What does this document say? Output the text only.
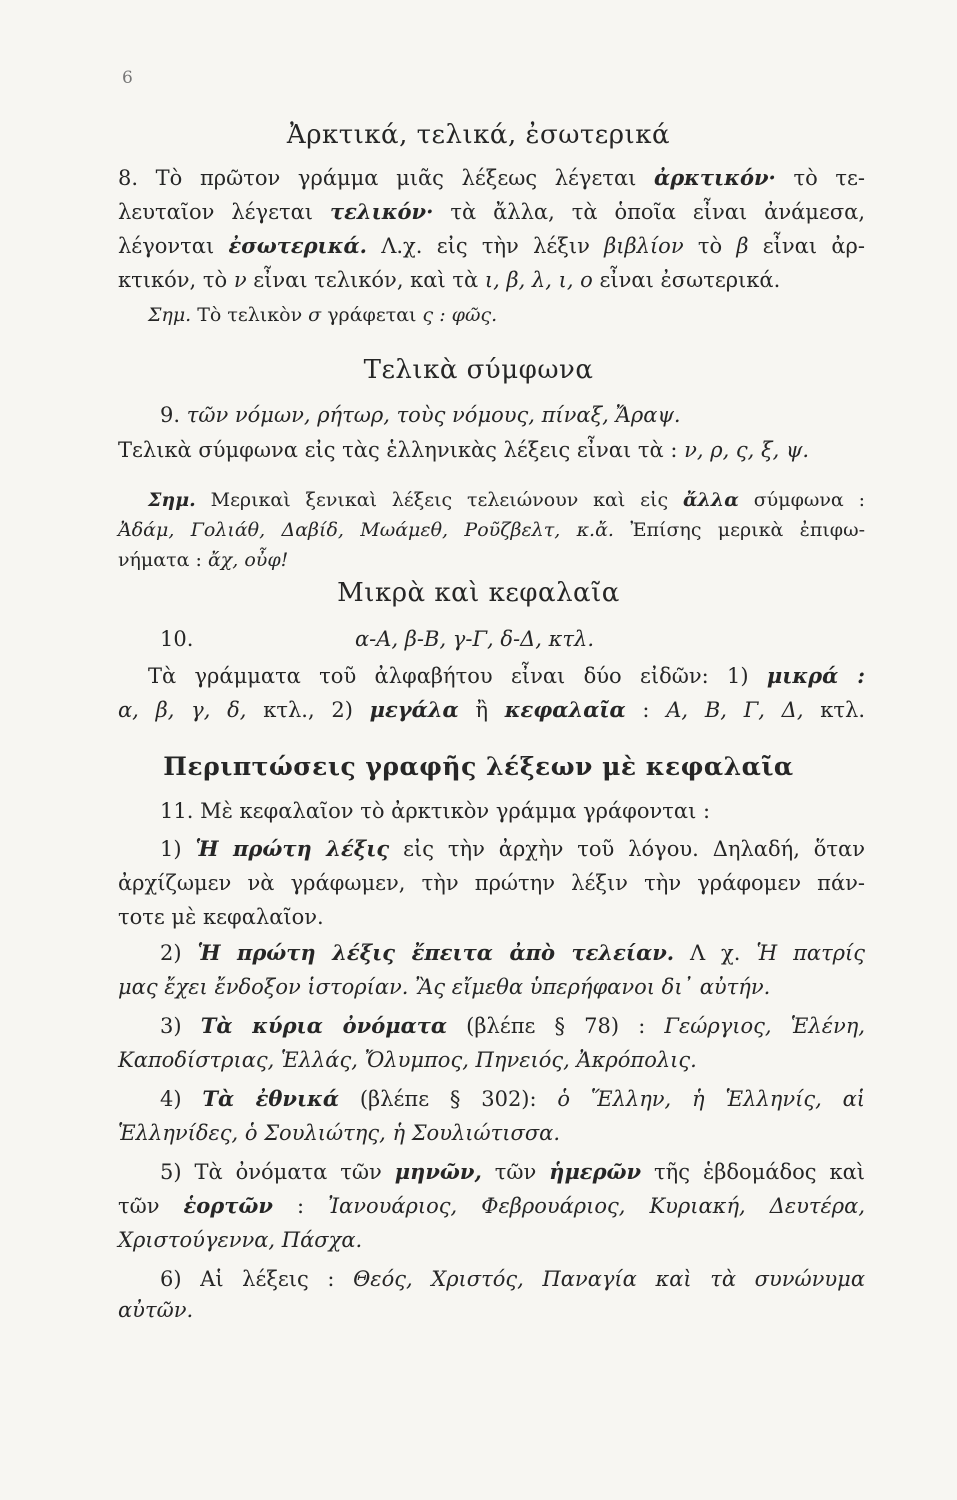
6
Ἀρκτικά, τελικά, ἐσωτερικά
8. Τὸ πρῶτον γράμμα μιᾶς λέξεως λέγεται ἀρκτικόν· τὸ τε-
λευταῖον λέγεται τελικόν· τὰ ἄλλα, τὰ ὁποῖα εἶναι ἀνάμεσα,
λέγονται ἐσωτερικά. Λ.χ. εἰς τὴν λέξιν βιβλίον τὸ β εἶναι ἀρ-
κτικόν, τὸ ν εἶναι τελικόν, καὶ τὰ ι, β, λ, ι, ο εἶναι ἐσωτερικά.
Σημ. Τὸ τελικὸν σ γράφεται ς : φῶς.
Τελικὰ σύμφωνα
9. τῶν νόμων, ρήτωρ, τοὺς νόμους, πίναξ, Ἄραψ.
Τελικὰ σύμφωνα εἰς τὰς ἑλληνικὰς λέξεις εἶναι τὰ : ν, ρ, ς, ξ, ψ.
Σημ. Μερικαὶ ξενικαὶ λέξεις τελειώνουν καὶ εἰς ἄλλα σύμφωνα :
Ἀδάμ, Γολιάθ, Δαβίδ, Μωάμεθ, Ροῦζβελτ, κ.ἄ. Ἐπίσης μερικὰ ἐπιφω-
νήματα : ἄχ, οὖφ!
Μικρὰ καὶ κεφαλαῖα
10.	α-Α, β-Β, γ-Γ, δ-Δ, κτλ.
Τὰ γράμματα τοῦ ἀλφαβήτου εἶναι δύο εἰδῶν: 1) μικρά :
α, β, γ, δ, κτλ., 2) μεγάλα ἢ κεφαλαῖα : Α, Β, Γ, Δ, κτλ.
Περιπτώσεις γραφῆς λέξεων μὲ κεφαλαῖα
11. Μὲ κεφαλαῖον τὸ ἀρκτικὸν γράμμα γράφονται :
1) Ἡ πρώτη λέξις εἰς τὴν ἀρχὴν τοῦ λόγου. Δηλαδή, ὅταν
ἀρχίζωμεν νὰ γράφωμεν, τὴν πρώτην λέξιν τὴν γράφομεν πάν-
τοτε μὲ κεφαλαῖον.
2) Ἡ πρώτη λέξις ἔπειτα ἀπὸ τελείαν. Λ χ. Ἡ πατρίς
μας ἔχει ἔνδοξον ἱστορίαν. Ἂς εἴμεθα ὑπερήφανοι δι᾽ αὐτήν.
3) Τὰ κύρια ὀνόματα (βλέπε § 78) : Γεώργιος, Ἑλένη,
Καποδίστριας, Ἑλλάς, Ὄλυμπος, Πηνειός, Ἀκρόπολις.
4) Τὰ ἐθνικά (βλέπε § 302): ὁ Ἕλλην, ἡ Ἑλληνίς, αἱ
Ἑλληνίδες, ὁ Σουλιώτης, ἡ Σουλιώτισσα.
5) Τὰ ὀνόματα τῶν μηνῶν, τῶν ἡμερῶν τῆς ἑβδομάδος καὶ
τῶν ἑορτῶν : Ἰανουάριος, Φεβρουάριος, Κυριακή, Δευτέρα,
Χριστούγεννα, Πάσχα.
6) Αἱ λέξεις : Θεός, Χριστός, Παναγία καὶ τὰ συνώνυμα
αὐτῶν.
